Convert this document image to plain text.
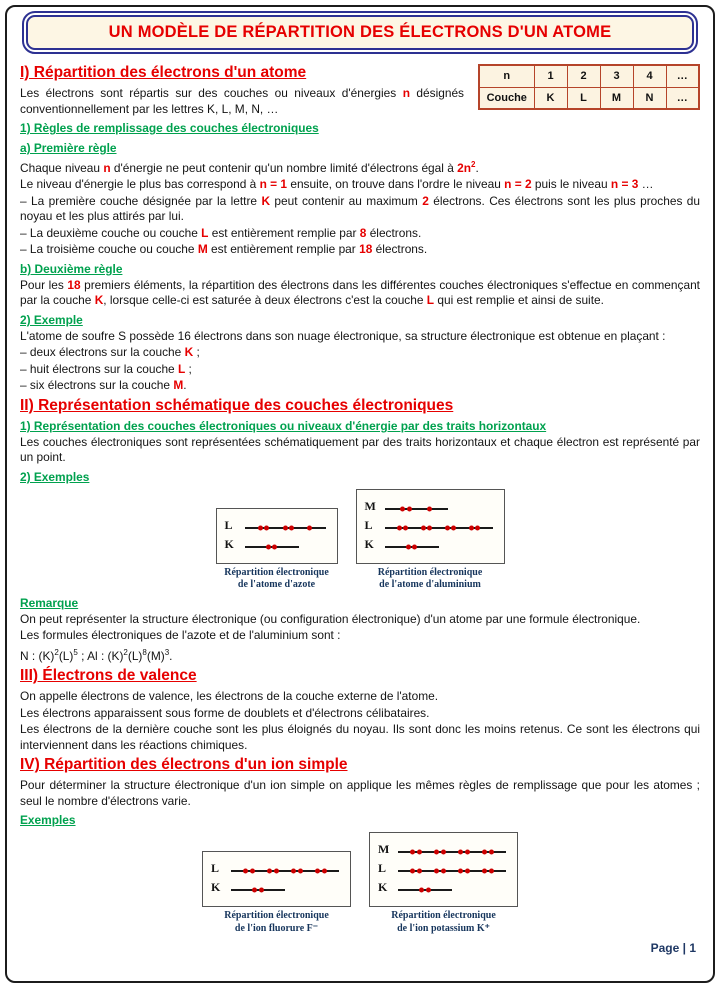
UN MODÈLE DE RÉPARTITION DES ÉLECTRONS D'UN ATOME
I) Répartition des électrons d'un atome

Les électrons sont répartis sur des couches ou niveaux d'énergies n désignés conventionnellement par les lettres K, L, M, N, …

1) Règles de remplissage des couches électroniques
n	1	2	3	4	…
Couche	K	L	M	N	…
a) Première règle

Chaque niveau n d'énergie ne peut contenir qu'un nombre limité d'électrons égal à $2n^2$.

Le niveau d'énergie le plus bas correspond à n = 1 ensuite, on trouve dans l'ordre le niveau n = 2 puis le niveau n = 3 …

– La première couche désignée par la lettre K peut contenir au maximum 2 électrons. Ces électrons sont les plus proches du noyau et les plus attirés par lui.

– La deuxième couche ou couche L est entièrement remplie par 8 électrons.

– La troisième couche ou couche M est entièrement remplie par 18 électrons.

b) Deuxième règle

Pour les 18 premiers éléments, la répartition des électrons dans les différentes couches électroniques s'effectue en commençant par la couche K, lorsque celle-ci est saturée à deux électrons c'est la couche L qui est remplie et ainsi de suite.

2) Exemple

L'atome de soufre S possède 16 électrons dans son nuage électronique, sa structure électronique est obtenue en plaçant :

– deux électrons sur la couche K ;

– huit électrons sur la couche L ;

– six électrons sur la couche M.

II) Représentation schématique des couches électroniques
1) Représentation des couches électroniques ou niveaux d'énergie par des traits horizontaux

Les couches électroniques sont représentées schématiquement par des traits horizontaux et chaque électron est représenté par un point.

2) Exemples
L
K
Répartition électronique
de l'atome d'azote
M
L
K
Répartition électronique
de l'atome d'aluminium
Remarque

On peut représenter la structure électronique (ou configuration électronique) d'un atome par une formule électronique.

Les formules électroniques de l'azote et de l'aluminium sont :

N : $(K)^2(L)^5$ ; Al : $(K)^2(L)^8(M)^3$.

III) Électrons de valence

On appelle électrons de valence, les électrons de la couche externe de l'atome.

Les électrons apparaissent sous forme de doublets et d'électrons célibataires.

Les électrons de la dernière couche sont les plus éloignés du noyau. Ils sont donc les moins retenus. Ce sont les électrons qui interviennent dans les réactions chimiques.

IV) Répartition des électrons d'un ion simple

Pour déterminer la structure électronique d'un ion simple on applique les mêmes règles de remplissage que pour les atomes ; seul le nombre d'électrons varie.

Exemples
L
K
Répartition électronique
de l'ion fluorure F⁻
M
L
K
Répartition électronique
de l'ion potassium K⁺
Page | 1
